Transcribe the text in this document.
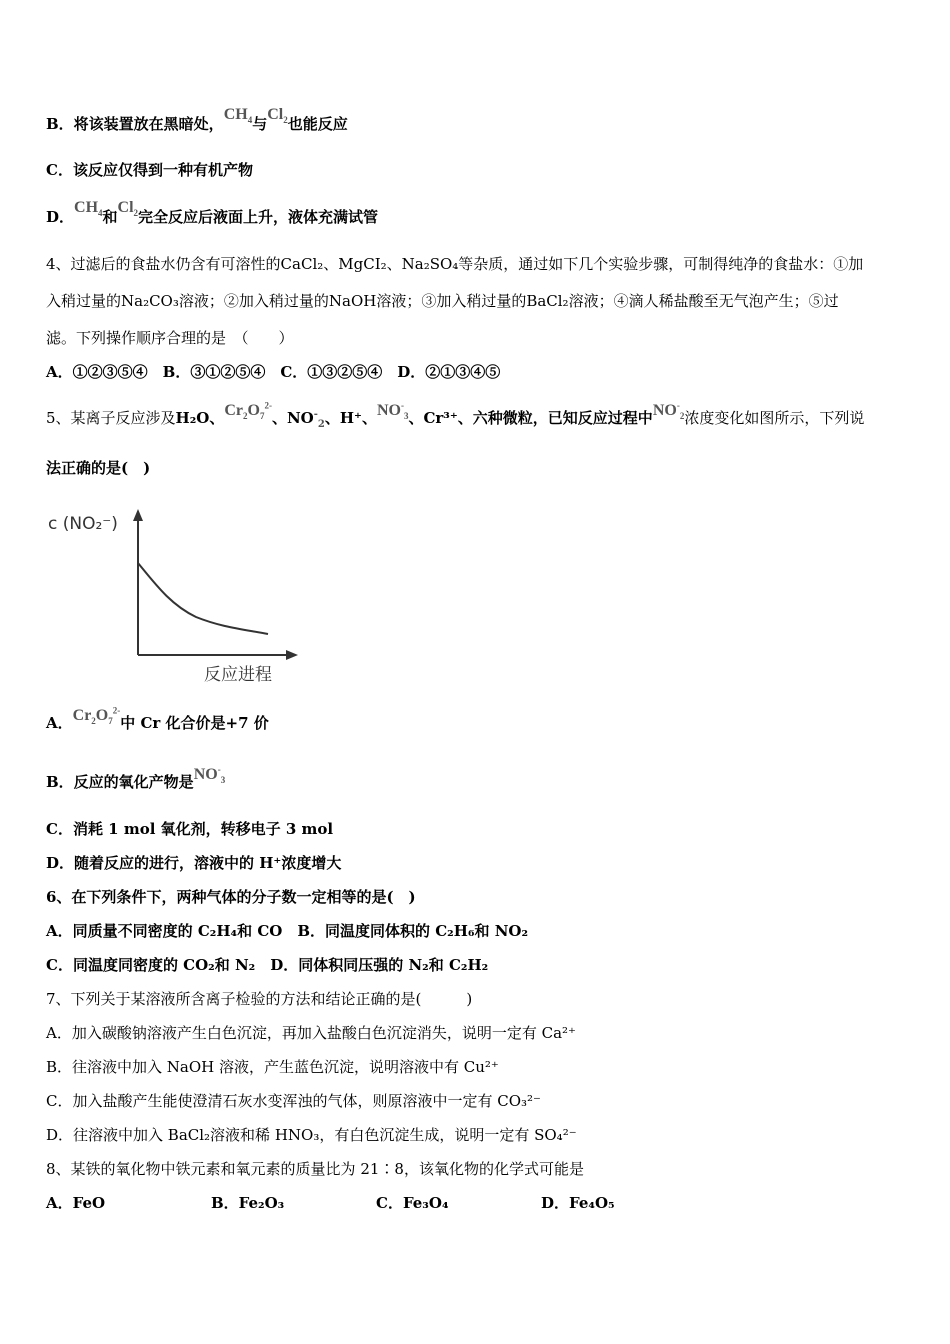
B．将该装置放在黑暗处，$CH_4$与$Cl_2$也能反应
C．该反应仅得到一种有机产物
D．$CH_4$和$Cl_2$完全反应后液面上升，液体充满试管
4、过滤后的食盐水仍含有可溶性的CaCl₂、MgCI₂、Na₂SO₄等杂质，通过如下几个实验步骤，可制得纯净的食盐水：①加
入稍过量的Na₂CO₃溶液；②加入稍过量的NaOH溶液；③加入稍过量的BaCl₂溶液；④滴人稀盐酸至无气泡产生；⑤过
滤。下列操作顺序合理的是　（　　）
A．①②③⑤④　B．③①②⑤④　C．①③②⑤④　D．②①③④⑤
5、某离子反应涉及H₂O、$Cr_2O_7^{2-}$、$NO^-_2$、H⁺、$NO^-_3$、Cr³⁺、六种微粒，已知反应过程中$NO^-_2$浓度变化如图所示，下列说
法正确的是(　)
c (NO₂⁻)
反应进程
A．$Cr_2O_7^{2-}$中 Cr 化合价是+7 价
B．反应的氧化产物是$NO^-_3$
C．消耗 1 mol 氧化剂，转移电子 3 mol
D．随着反应的进行，溶液中的 H⁺浓度增大
6、在下列条件下，两种气体的分子数一定相等的是(　)
A．同质量不同密度的 C₂H₄和 CO　B．同温度同体积的 C₂H₆和 NO₂
C．同温度同密度的 CO₂和 N₂　D．同体积同压强的 N₂和 C₂H₂
7、下列关于某溶液所含离子检验的方法和结论正确的是(　　　)
A．加入碳酸钠溶液产生白色沉淀，再加入盐酸白色沉淀消失，说明一定有 Ca²⁺
B．往溶液中加入 NaOH 溶液，产生蓝色沉淀，说明溶液中有 Cu²⁺
C．加入盐酸产生能使澄清石灰水变浑浊的气体，则原溶液中一定有 CO₃²⁻
D．往溶液中加入 BaCl₂溶液和稀 HNO₃，有白色沉淀生成，说明一定有 SO₄²⁻
8、某铁的氧化物中铁元素和氧元素的质量比为 21∶8，该氧化物的化学式可能是
A．FeO	B．Fe₂O₃	C．Fe₃O₄	D．Fe₄O₅
